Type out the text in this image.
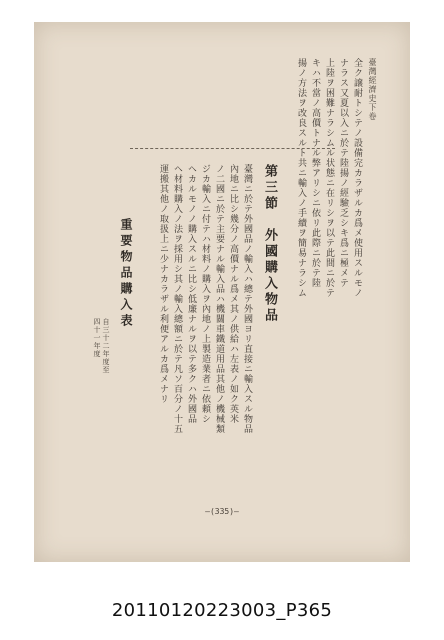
臺灣經濟史下卷
全ク譲耐トシテノ設備完カラザルカ爲メ使用スルモノ
ナラス又夏以入ニ於テ陸揚ノ經驗乏シキ爲ニ極メテ
上陸ヲ困難ナラシムル状態ニ在リシヲ以テ此間ニ於テ
キハ不當ノ高價トナル弊アリシニ依リ此際ニ於テ陸
揚ノ方法ヲ改良スルト共ニ輸入ノ手續ヲ簡易ナラシム
第三節　外國購入物品
臺灣ニ於テ外國品ノ輸入ハ總テ外國ヨリ直接ニ輸入スル物品
內地ニ比シ幾分ノ高價ナル爲メ其ノ供給ハ左表ノ如ク英米
ノ二國ニ於テ主要ナル輸入品ハ機關車鐵道用品其他ノ機械類
ジカ輸入ニ付テハ材料ノ購入ヲ內地ノ上製造業者ニ依頼シ
ヘカルモノノ購入スルニ比シ低廉ナルヲ以テ多クハ外國品
ヘ材料購入ノ法ヲ採用シ其ノ輸入總額ニ於テ凡ソ百分ノ十五
運搬其他ノ取扱上ニ少ナカラザル利便アルカ爲メナリ
重要物品購入表
自三十二年度至四十一年度
—(335)—
20110120223003_P365
